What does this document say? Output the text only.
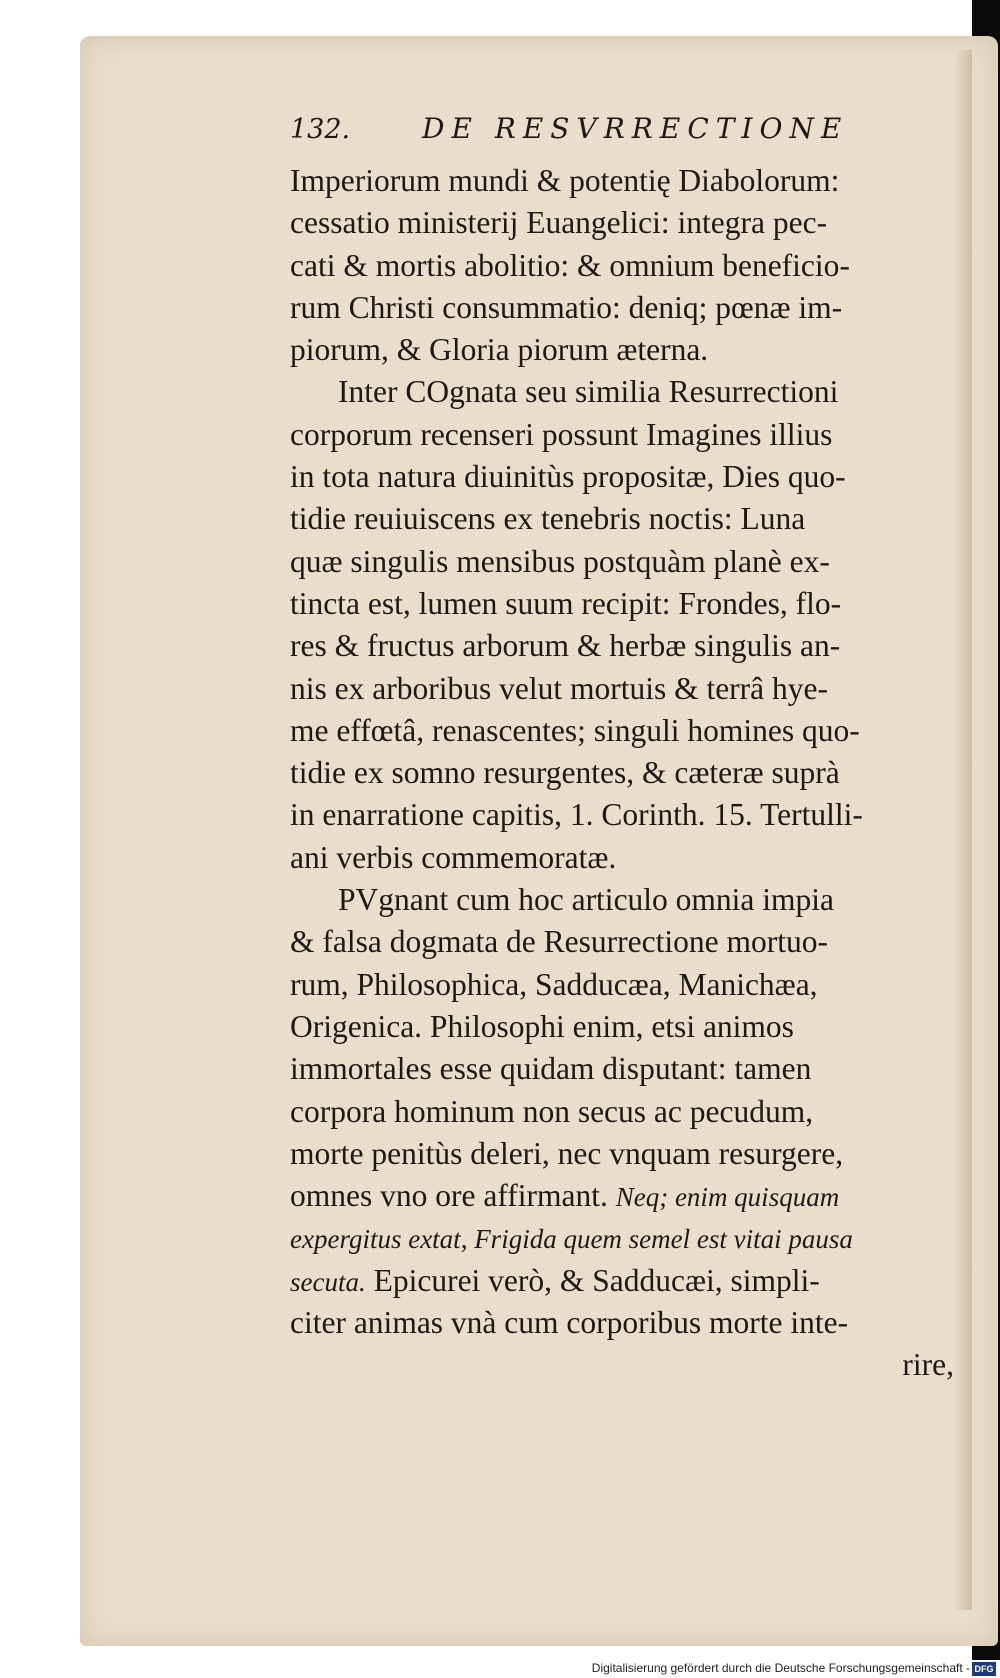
132.	DE RESVRRECTIONE
Imperiorum mundi & potentię Diabolorum:
cessatio ministerij Euangelici: integra pec-
cati & mortis abolitio: & omnium beneficio-
rum Christi consummatio: deniq; pœnæ im-
piorum, & Gloria piorum æterna.
Inter COgnata seu similia Resurrectioni
corporum recenseri possunt Imagines illius
in tota natura diuinitùs propositæ, Dies quo-
tidie reuiuiscens ex tenebris noctis: Luna
quæ singulis mensibus postquàm planè ex-
tincta est, lumen suum recipit: Frondes, flo-
res & fructus arborum & herbæ singulis an-
nis ex arboribus velut mortuis & terrâ hye-
me effœtâ, renascentes; singuli homines quo-
tidie ex somno resurgentes, & cæteræ suprà
in enarratione capitis, 1. Corinth. 15. Tertulli-
ani verbis commemoratæ.
PVgnant cum hoc articulo omnia impia
& falsa dogmata de Resurrectione mortuo-
rum, Philosophica, Sadducæa, Manichæa,
Origenica. Philosophi enim, etsi animos
immortales esse quidam disputant: tamen
corpora hominum non secus ac pecudum,
morte penitùs deleri, nec vnquam resurgere,
omnes vno ore affirmant. Neq; enim quisquam
expergitus extat, Frigida quem semel est vitai pausa
secuta. Epicurei verò, & Sadducæi, simpli-
citer animas vnà cum corporibus morte inte-
rire,
Digitalisierung gefördert durch die Deutsche Forschungsgemeinschaft - DFG
